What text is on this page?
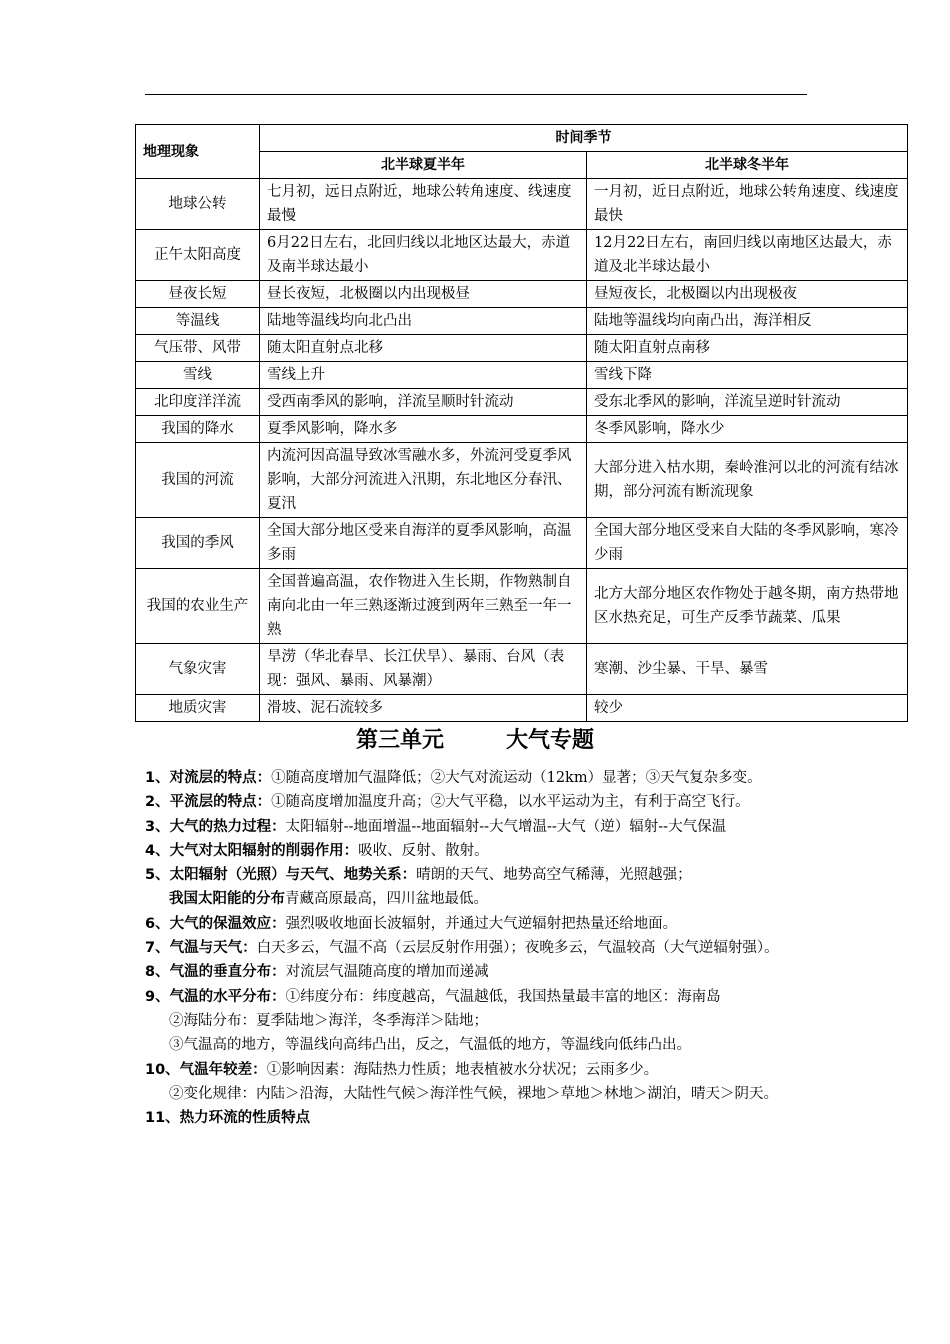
地理现象	时间季节	
	北半球夏半年	北半球冬半年
地球公转	七月初，远日点附近，地球公转角速度、线速度最慢	一月初，近日点附近，地球公转角速度、线速度最快
正午太阳高度	6月22日左右，北回归线以北地区达最大，赤道及南半球达最小	12月22日左右，南回归线以南地区达最大，赤道及北半球达最小
昼夜长短	昼长夜短，北极圈以内出现极昼	昼短夜长，北极圈以内出现极夜
等温线	陆地等温线均向北凸出	陆地等温线均向南凸出，海洋相反
气压带、风带	随太阳直射点北移	随太阳直射点南移
雪线	雪线上升	雪线下降
北印度洋洋流	受西南季风的影响，洋流呈顺时针流动	受东北季风的影响，洋流呈逆时针流动
我国的降水	夏季风影响，降水多	冬季风影响，降水少
我国的河流	内流河因高温导致冰雪融水多，外流河受夏季风影响，大部分河流进入汛期，东北地区分春汛、夏汛	大部分进入枯水期，秦岭淮河以北的河流有结冰期，部分河流有断流现象
我国的季风	全国大部分地区受来自海洋的夏季风影响，高温多雨	全国大部分地区受来自大陆的冬季风影响，寒冷少雨
我国的农业生产	全国普遍高温，农作物进入生长期，作物熟制自南向北由一年三熟逐渐过渡到两年三熟至一年一熟	北方大部分地区农作物处于越冬期，南方热带地区水热充足，可生产反季节蔬菜、瓜果
气象灾害	旱涝（华北春旱、长江伏旱）、暴雨、台风（表现：强风、暴雨、风暴潮）	寒潮、沙尘暴、干旱、暴雪
地质灾害	滑坡、泥石流较多	较少
第三单元	大气专题

1、对流层的特点：①随高度增加气温降低；②大气对流运动（12km）显著；③天气复杂多变。

2、平流层的特点：①随高度增加温度升高；②大气平稳，以水平运动为主，有利于高空飞行。

3、大气的热力过程：太阳辐射--地面增温--地面辐射--大气增温--大气（逆）辐射--大气保温

4、大气对太阳辐射的削弱作用：吸收、反射、散射。

5、太阳辐射（光照）与天气、地势关系：晴朗的天气、地势高空气稀薄，光照越强；

我国太阳能的分布青藏高原最高，四川盆地最低。

6、大气的保温效应：强烈吸收地面长波辐射，并通过大气逆辐射把热量还给地面。

7、气温与天气：白天多云，气温不高（云层反射作用强）；夜晚多云，气温较高（大气逆辐射强）。

8、气温的垂直分布：对流层气温随高度的增加而递减

9、气温的水平分布：①纬度分布：纬度越高，气温越低，我国热量最丰富的地区：海南岛

②海陆分布：夏季陆地＞海洋，冬季海洋＞陆地；

③气温高的地方，等温线向高纬凸出，反之，气温低的地方，等温线向低纬凸出。

10、气温年较差：①影响因素：海陆热力性质；地表植被水分状况；云雨多少。

②变化规律：内陆＞沿海，大陆性气候＞海洋性气候，裸地＞草地＞林地＞湖泊，晴天＞阴天。

11、热力环流的性质特点
